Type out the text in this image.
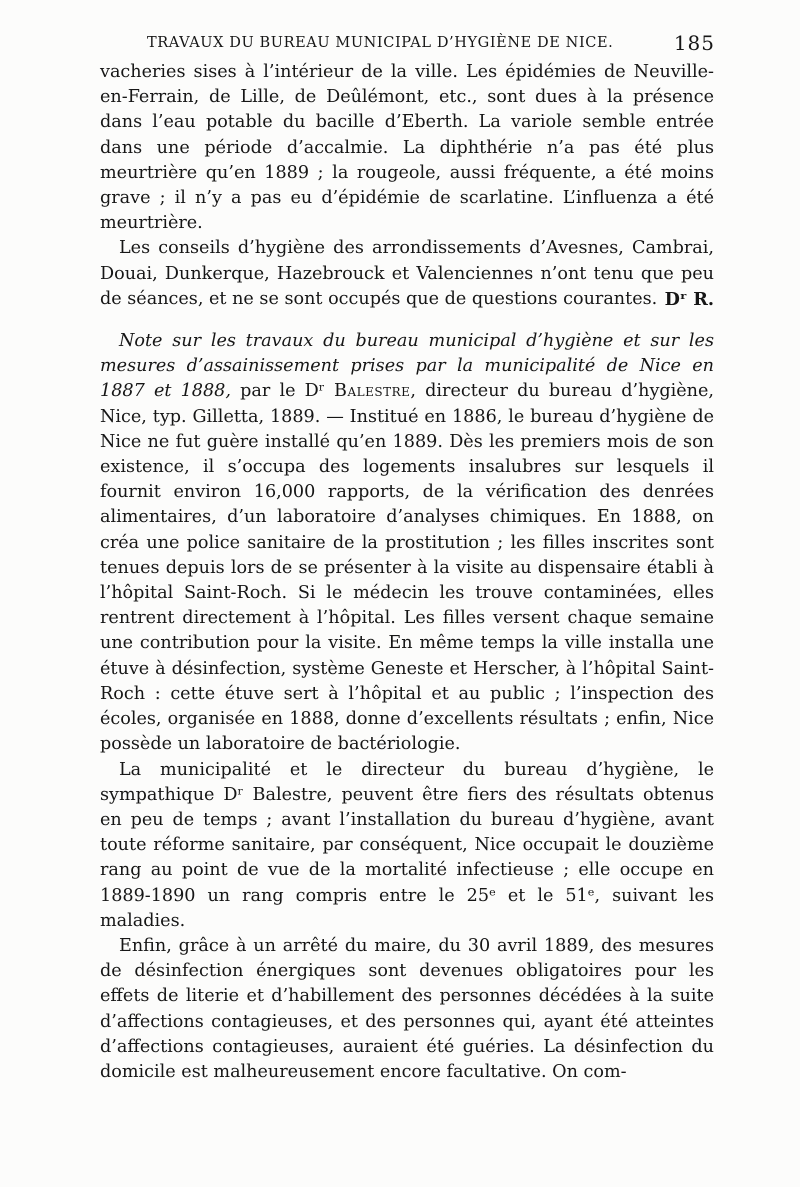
TRAVAUX DU BUREAU MUNICIPAL D’HYGIÈNE DE NICE.	185

vacheries sises à l’intérieur de la ville. Les épidémies de Neuville-en-Ferrain, de Lille, de Deûlémont, etc., sont dues à la présence dans l’eau potable du bacille d’Eberth. La variole semble entrée dans une période d’accalmie. La diphthérie n’a pas été plus meurtrière qu’en 1889 ; la rougeole, aussi fréquente, a été moins grave ; il n’y a pas eu d’épidémie de scarlatine. L’influenza a été meurtrière.

Les conseils d’hygiène des arrondissements d’Avesnes, Cambrai, Douai, Dunkerque, Hazebrouck et Valenciennes n’ont tenu que peu de séances, et ne se sont occupés que de questions courantes. Dʳ R.

Note sur les travaux du bureau municipal d’hygiène et sur les mesures d’assainissement prises par la municipalité de Nice en 1887 et 1888, par le Dʳ Balestre, directeur du bureau d’hygiène, Nice, typ. Gilletta, 1889. — Institué en 1886, le bureau d’hygiène de Nice ne fut guère installé qu’en 1889. Dès les premiers mois de son existence, il s’occupa des logements insalubres sur lesquels il fournit environ 16,000 rapports, de la vérification des denrées alimentaires, d’un laboratoire d’analyses chimiques. En 1888, on créa une police sanitaire de la prostitution ; les filles inscrites sont tenues depuis lors de se présenter à la visite au dispensaire établi à l’hôpital Saint-Roch. Si le médecin les trouve contaminées, elles rentrent directement à l’hôpital. Les filles versent chaque semaine une contribution pour la visite. En même temps la ville installa une étuve à désinfection, système Geneste et Herscher, à l’hôpital Saint-Roch : cette étuve sert à l’hôpital et au public ; l’inspection des écoles, organisée en 1888, donne d’excellents résultats ; enfin, Nice possède un laboratoire de bactériologie.

La municipalité et le directeur du bureau d’hygiène, le sympathique Dʳ Balestre, peuvent être fiers des résultats obtenus en peu de temps ; avant l’installation du bureau d’hygiène, avant toute réforme sanitaire, par conséquent, Nice occupait le douzième rang au point de vue de la mortalité infectieuse ; elle occupe en 1889-1890 un rang compris entre le 25ᵉ et le 51ᵉ, suivant les maladies.

Enfin, grâce à un arrêté du maire, du 30 avril 1889, des mesures de désinfection énergiques sont devenues obligatoires pour les effets de literie et d’habillement des personnes décédées à la suite d’affections contagieuses, et des personnes qui, ayant été atteintes d’affections contagieuses, auraient été guéries. La désinfection du domicile est malheureusement encore facultative. On com-
